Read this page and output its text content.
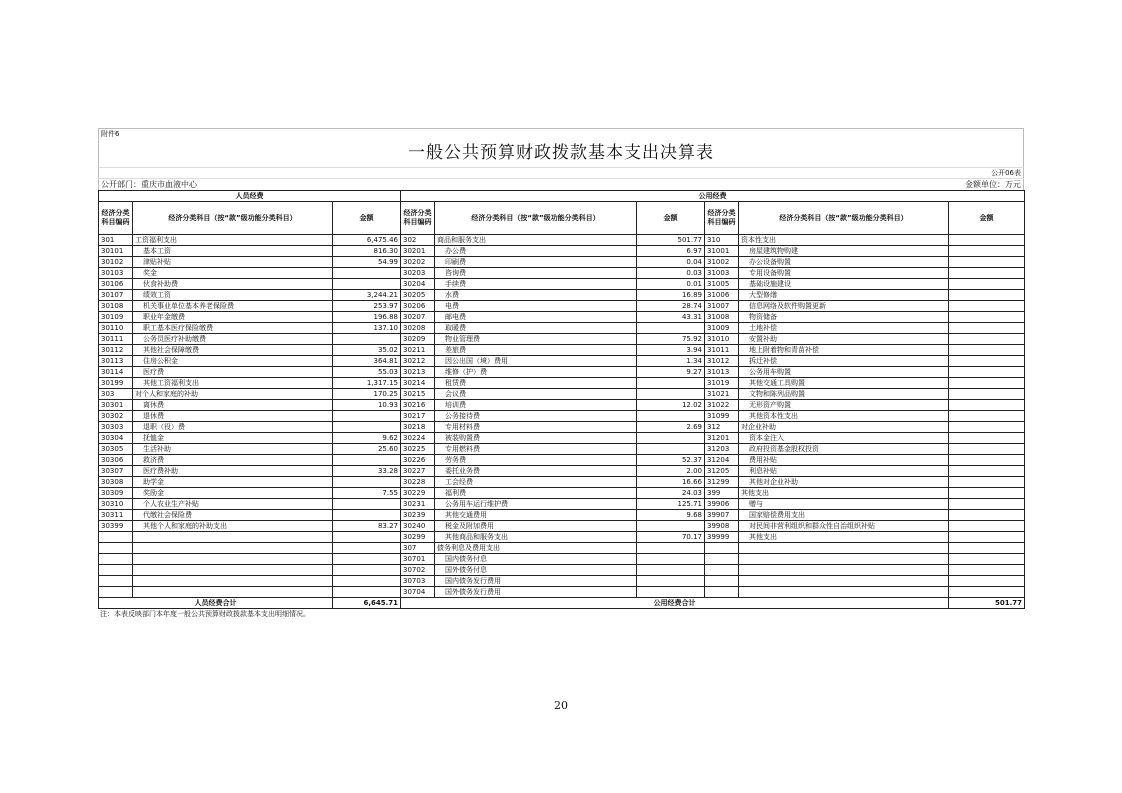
附件6
一般公共预算财政拨款基本支出决算表
公开06表
公开部门：重庆市血液中心	金额单位：万元
人员经费			公用经费					
经济分类科目编码	经济分类科目（按“款”级功能分类科目）	金额	经济分类科目编码	经济分类科目（按“款”级功能分类科目）	金额	经济分类科目编码	经济分类科目（按“款”级功能分类科目）	金额
301	工资福利支出	6,475.46	302	商品和服务支出	501.77	310	资本性支出	
30101	基本工资	816.30	30201	办公费	6.97	31001	房屋建筑物购建	
30102	津贴补贴	54.99	30202	印刷费	0.04	31002	办公设备购置	
30103	奖金		30203	咨询费	0.03	31003	专用设备购置	
30106	伙食补助费		30204	手续费	0.01	31005	基础设施建设	
30107	绩效工资	3,244.21	30205	水费	16.89	31006	大型修缮	
30108	机关事业单位基本养老保险费	253.97	30206	电费	28.74	31007	信息网络及软件购置更新	
30109	职业年金缴费	196.88	30207	邮电费	43.31	31008	物资储备	
30110	职工基本医疗保险缴费	137.10	30208	取暖费		31009	土地补偿	
30111	公务员医疗补助缴费		30209	物业管理费	75.92	31010	安置补助	
30112	其他社会保障缴费	35.02	30211	差旅费	3.94	31011	地上附着物和青苗补偿	
30113	住房公积金	364.81	30212	因公出国（境）费用	1.34	31012	拆迁补偿	
30114	医疗费	55.03	30213	维修（护）费	9.27	31013	公务用车购置	
30199	其他工资福利支出	1,317.15	30214	租赁费		31019	其他交通工具购置	
303	对个人和家庭的补助	170.25	30215	会议费		31021	文物和陈列品购置	
30301	离休费	10.93	30216	培训费	12.02	31022	无形资产购置	
30302	退休费		30217	公务接待费		31099	其他资本性支出	
30303	退职（役）费		30218	专用材料费	2.69	312	对企业补助	
30304	抚恤金	9.62	30224	被装购置费		31201	资本金注入	
30305	生活补助	25.60	30225	专用燃料费		31203	政府投资基金股权投资	
30306	救济费		30226	劳务费	52.37	31204	费用补贴	
30307	医疗费补助	33.28	30227	委托业务费	2.00	31205	利息补贴	
30308	助学金		30228	工会经费	16.66	31299	其他对企业补助	
30309	奖励金	7.55	30229	福利费	24.03	399	其他支出	
30310	个人农业生产补贴		30231	公务用车运行维护费	125.71	39906	赠与	
30311	代缴社会保险费		30239	其他交通费用	9.68	39907	国家赔偿费用支出	
30399	其他个人和家庭的补助支出	83.27	30240	税金及附加费用		39908	对民间非营利组织和群众性自治组织补贴	
			30299	其他商品和服务支出	70.17	39999	其他支出	
			307	债务利息及费用支出				
			30701	国内债务付息				
			30702	国外债务付息				
			30703	国内债务发行费用				
			30704	国外债务发行费用				
人员经费合计		6,645.71	公用经费合计					501.77
注：本表反映部门本年度一般公共预算财政拨款基本支出明细情况。
20
